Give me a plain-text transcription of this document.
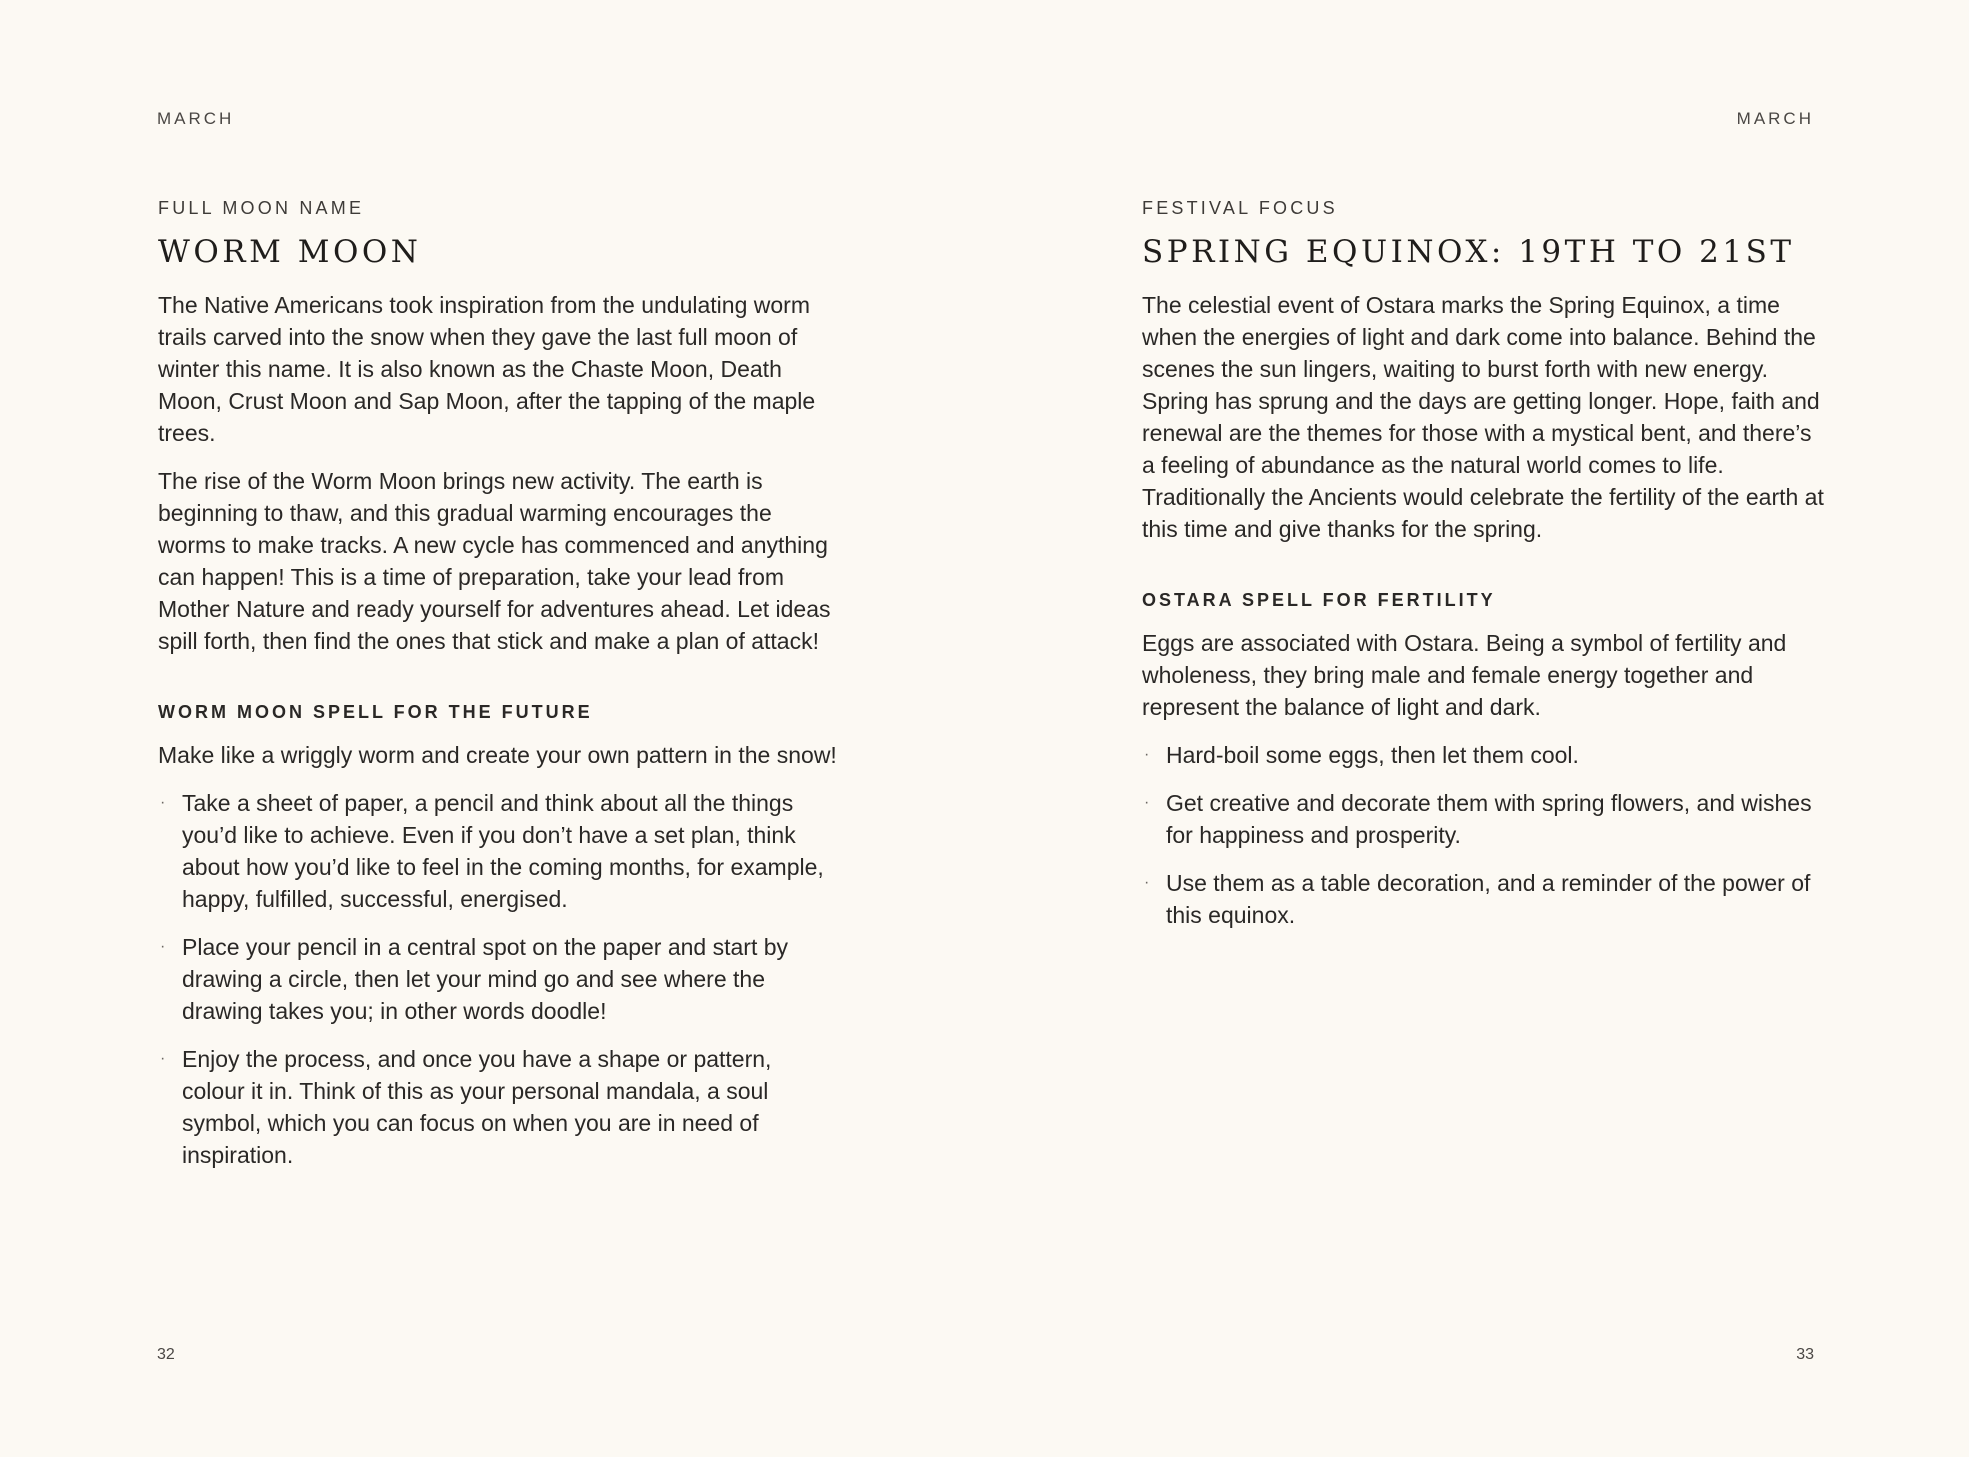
MARCH

FULL MOON NAME

WORM MOON

The Native Americans took inspiration from the undulating worm trails carved into the snow when they gave the last full moon of winter this name. It is also known as the Chaste Moon, Death Moon, Crust Moon and Sap Moon, after the tapping of the maple trees.

The rise of the Worm Moon brings new activity. The earth is beginning to thaw, and this gradual warming encourages the worms to make tracks. A new cycle has commenced and anything can happen! This is a time of preparation, take your lead from Mother Nature and ready yourself for adventures ahead. Let ideas spill forth, then find the ones that stick and make a plan of attack!

WORM MOON SPELL FOR THE FUTURE

Make like a wriggly worm and create your own pattern in the snow!

· Take a sheet of paper, a pencil and think about all the things you’d like to achieve. Even if you don’t have a set plan, think about how you’d like to feel in the coming months, for example, happy, fulfilled, successful, energised.
· Place your pencil in a central spot on the paper and start by drawing a circle, then let your mind go and see where the drawing takes you; in other words doodle!
· Enjoy the process, and once you have a shape or pattern, colour it in. Think of this as your personal mandala, a soul symbol, which you can focus on when you are in need of inspiration.

32

MARCH

FESTIVAL FOCUS

SPRING EQUINOX: 19TH TO 21ST

The celestial event of Ostara marks the Spring Equinox, a time when the energies of light and dark come into balance. Behind the scenes the sun lingers, waiting to burst forth with new energy. Spring has sprung and the days are getting longer. Hope, faith and renewal are the themes for those with a mystical bent, and there’s a feeling of abundance as the natural world comes to life. Traditionally the Ancients would celebrate the fertility of the earth at this time and give thanks for the spring.

OSTARA SPELL FOR FERTILITY

Eggs are associated with Ostara. Being a symbol of fertility and wholeness, they bring male and female energy together and represent the balance of light and dark.

· Hard-boil some eggs, then let them cool.
· Get creative and decorate them with spring flowers, and wishes for happiness and prosperity.
· Use them as a table decoration, and a reminder of the power of this equinox.

33
